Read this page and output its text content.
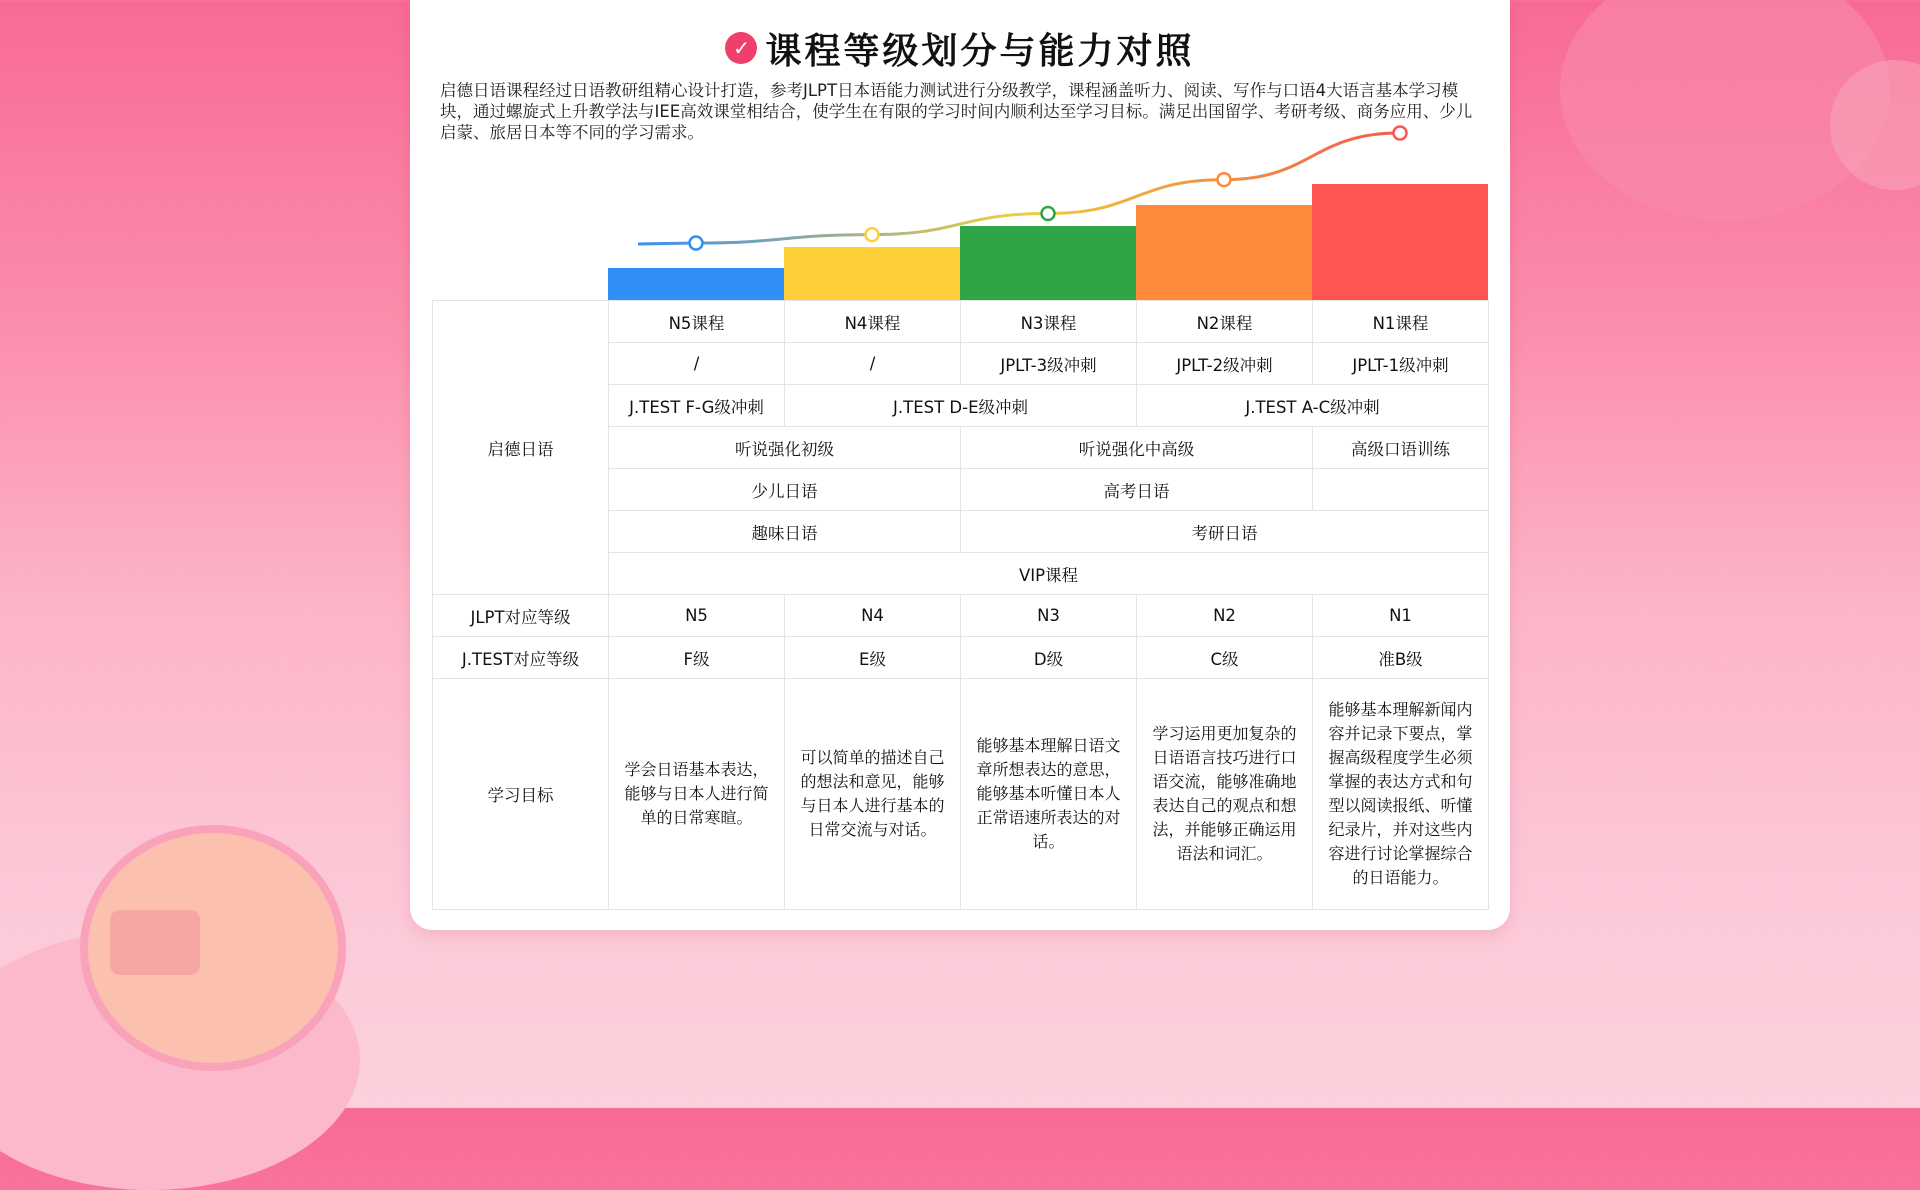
✓ 课程等级划分与能力对照
启德日语课程经过日语教研组精心设计打造，参考JLPT日本语能力测试进行分级教学，课程涵盖听力、阅读、写作与口语4大语言基本学习模块，通过螺旋式上升教学法与IEE高效课堂相结合，使学生在有限的学习时间内顺利达至学习目标。满足出国留学、考研考级、商务应用、少儿启蒙、旅居日本等不同的学习需求。
启德日语	N5课程	N4课程	N3课程	N2课程	N1课程
	/	/	JPLT-3级冲刺	JPLT-2级冲刺	JPLT-1级冲刺
	J.TEST F-G级冲刺	J.TEST D-E级冲刺		J.TEST A-C级冲刺	
	听说强化初级		听说强化中高级		高级口语训练
	少儿日语		高考日语		
	趣味日语		考研日语		
	VIP课程				
JLPT对应等级	N5	N4	N3	N2	N1
J.TEST对应等级	F级	E级	D级	C级	准B级
学习目标	学会日语基本表达，能够与日本人进行简单的日常寒暄。	可以简单的描述自己的想法和意见，能够与日本人进行基本的日常交流与对话。	能够基本理解日语文章所想表达的意思，能够基本听懂日本人正常语速所表达的对话。	学习运用更加复杂的日语语言技巧进行口语交流，能够准确地表达自己的观点和想法，并能够正确运用语法和词汇。	能够基本理解新闻内容并记录下要点，掌握高级程度学生必须掌握的表达方式和句型以阅读报纸、听懂纪录片，并对这些内容进行讨论掌握综合的日语能力。
